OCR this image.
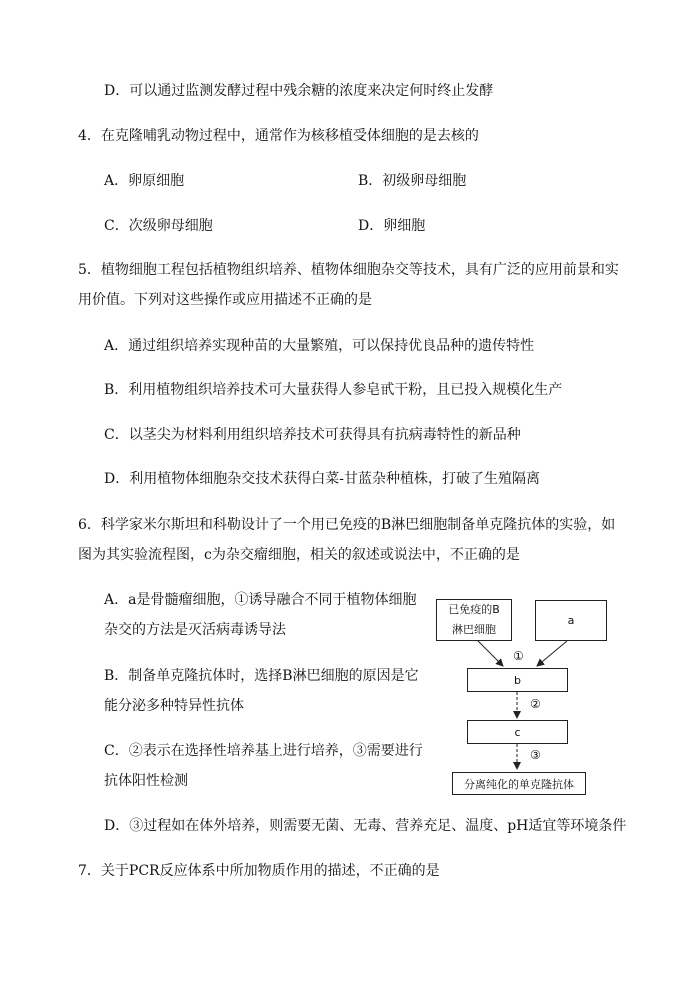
D．可以通过监测发酵过程中残余糖的浓度来决定何时终止发酵
4．在克隆哺乳动物过程中，通常作为核移植受体细胞的是去核的
A．卵原细胞	B．初级卵母细胞
C．次级卵母细胞	D．卵细胞
5．植物细胞工程包括植物组织培养、植物体细胞杂交等技术，具有广泛的应用前景和实
用价值。下列对这些操作或应用描述不正确的是
A．通过组织培养实现种苗的大量繁殖，可以保持优良品种的遗传特性
B．利用植物组织培养技术可大量获得人参皂甙干粉，且已投入规模化生产
C．以茎尖为材料利用组织培养技术可获得具有抗病毒特性的新品种
D．利用植物体细胞杂交技术获得白菜-甘蓝杂种植株，打破了生殖隔离
6．科学家米尔斯坦和科勒设计了一个用已免疫的B淋巴细胞制备单克隆抗体的实验，如
图为其实验流程图，c为杂交瘤细胞，相关的叙述或说法中，不正确的是
A．a是骨髓瘤细胞，①诱导融合不同于植物体细胞
杂交的方法是灭活病毒诱导法
B．制备单克隆抗体时，选择B淋巴细胞的原因是它
能分泌多种特异性抗体
C．②表示在选择性培养基上进行培养，③需要进行
抗体阳性检测
D．③过程如在体外培养，则需要无菌、无毒、营养充足、温度、pH适宜等环境条件
已免疫的B
淋巴细胞
a
b
c
分离纯化的单克隆抗体
①
②
③
7．关于PCR反应体系中所加物质作用的描述，不正确的是
